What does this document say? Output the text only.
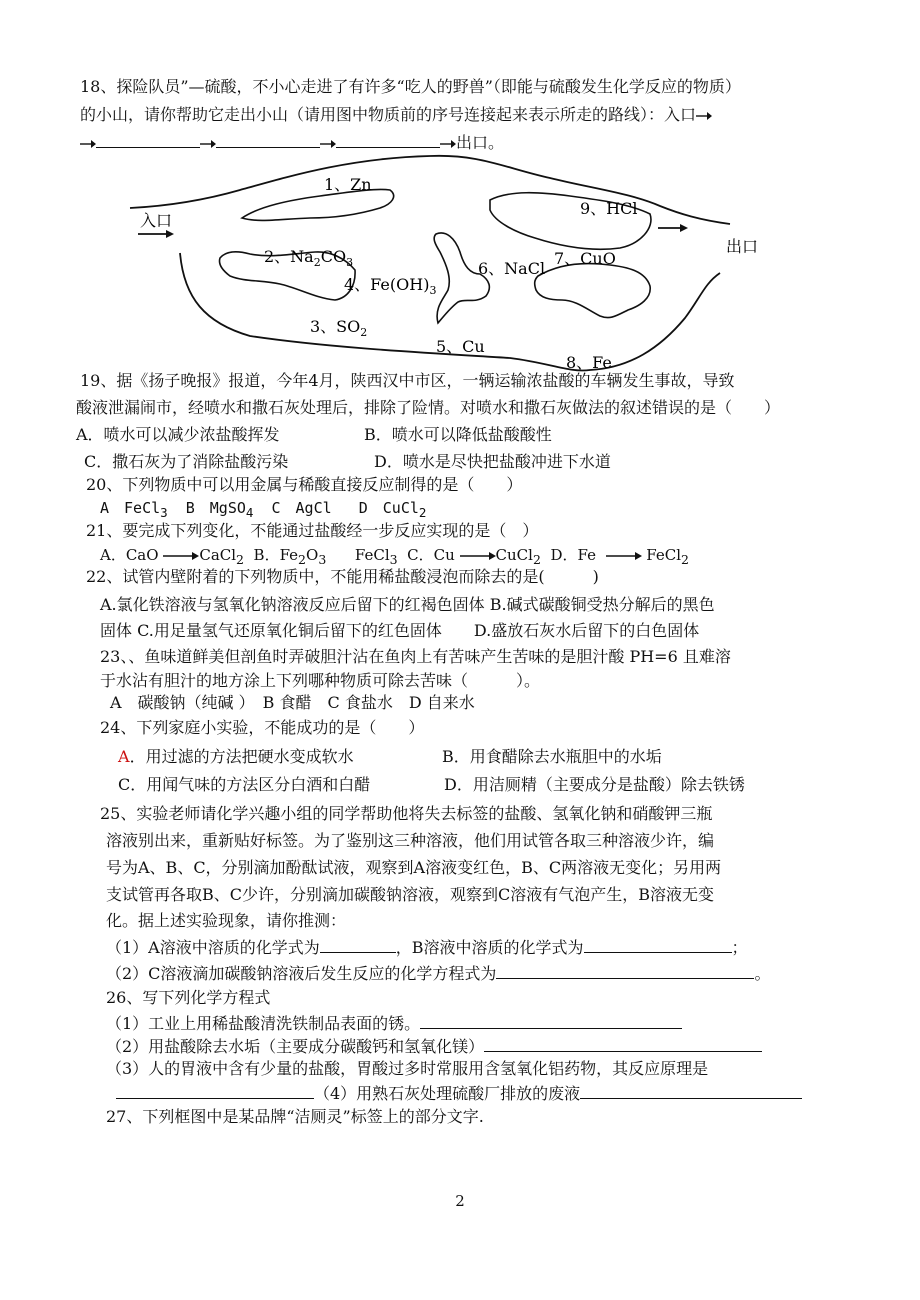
18、探险队员”—硫酸，不小心走进了有许多“吃人的野兽”（即能与硫酸发生化学反应的物质）
的小山，请你帮助它走出小山（请用图中物质前的序号连接起来表示所走的路线）：入口
出口。
入口
出口
1、Zn
9、HCl
2、$Na_2CO_3$
4、$Fe(OH)_3$
3、$SO_2$
5、Cu
6、NaCl
7、CuO
8、Fe
19、据《扬子晚报》报道，今年4月，陕西汉中市区，一辆运输浓盐酸的车辆发生事故，导致
酸液泄漏闹市，经喷水和撒石灰处理后，排除了险情。对喷水和撒石灰做法的叙述错误的是（　　）
A．喷水可以减少浓盐酸挥发	B．喷水可以降低盐酸酸性
C．撒石灰为了消除盐酸污染	D．喷水是尽快把盐酸冲进下水道
20、下列物质中可以用金属与稀酸直接反应制得的是（　　）
A　FeCl$_3$ B　MgSO$_4$ C　AgCl D　CuCl$_2$
21、要完成下列变化，不能通过盐酸经一步反应实现的是（　）
A．CaO	CaCl$_2$ B．$Fe_2O_3$ FeCl$_3$ C．Cu	CuCl$_2$ D．Fe	FeCl$_2$
22、试管内壁附着的下列物质中，不能用稀盐酸浸泡而除去的是(　　　)
A.氯化铁溶液与氢氧化钠溶液反应后留下的红褐色固体 B.碱式碳酸铜受热分解后的黑色
固体 C.用足量氢气还原氧化铜后留下的红色固体　　D.盛放石灰水后留下的白色固体
23、、鱼味道鲜美但剖鱼时弄破胆汁沾在鱼肉上有苦味产生苦味的是胆汁酸 PH=6 且难溶
于水沾有胆汁的地方涂上下列哪种物质可除去苦味（　　　）。
A　碳酸钠（纯碱 ）　B 食醋　C 食盐水　D 自来水
24、下列家庭小实验，不能成功的是（　　）
A．用过滤的方法把硬水变成软水	B．用食醋除去水瓶胆中的水垢
C．用闻气味的方法区分白酒和白醋	D．用洁厕精（主要成分是盐酸）除去铁锈
25、实验老师请化学兴趣小组的同学帮助他将失去标签的盐酸、氢氧化钠和硝酸钾三瓶
溶液别出来，重新贴好标签。为了鉴别这三种溶液，他们用试管各取三种溶液少许，编
号为A、B、C，分别滴加酚酞试液，观察到A溶液变红色，B、C两溶液无变化；另用两
支试管再各取B、C少许，分别滴加碳酸钠溶液，观察到C溶液有气泡产生，B溶液无变
化。据上述实验现象，请你推测：
（1）A溶液中溶质的化学式为	，B溶液中溶质的化学式为	；
（2）C溶液滴加碳酸钠溶液后发生反应的化学方程式为	。
26、写下列化学方程式
（1）工业上用稀盐酸清洗铁制品表面的锈。
（2）用盐酸除去水垢（主要成分碳酸钙和氢氧化镁）
（3）人的胃液中含有少量的盐酸，胃酸过多时常服用含氢氧化铝药物，其反应原理是
（4）用熟石灰处理硫酸厂排放的废液
27、下列框图中是某品牌“洁厕灵”标签上的部分文字.
2
